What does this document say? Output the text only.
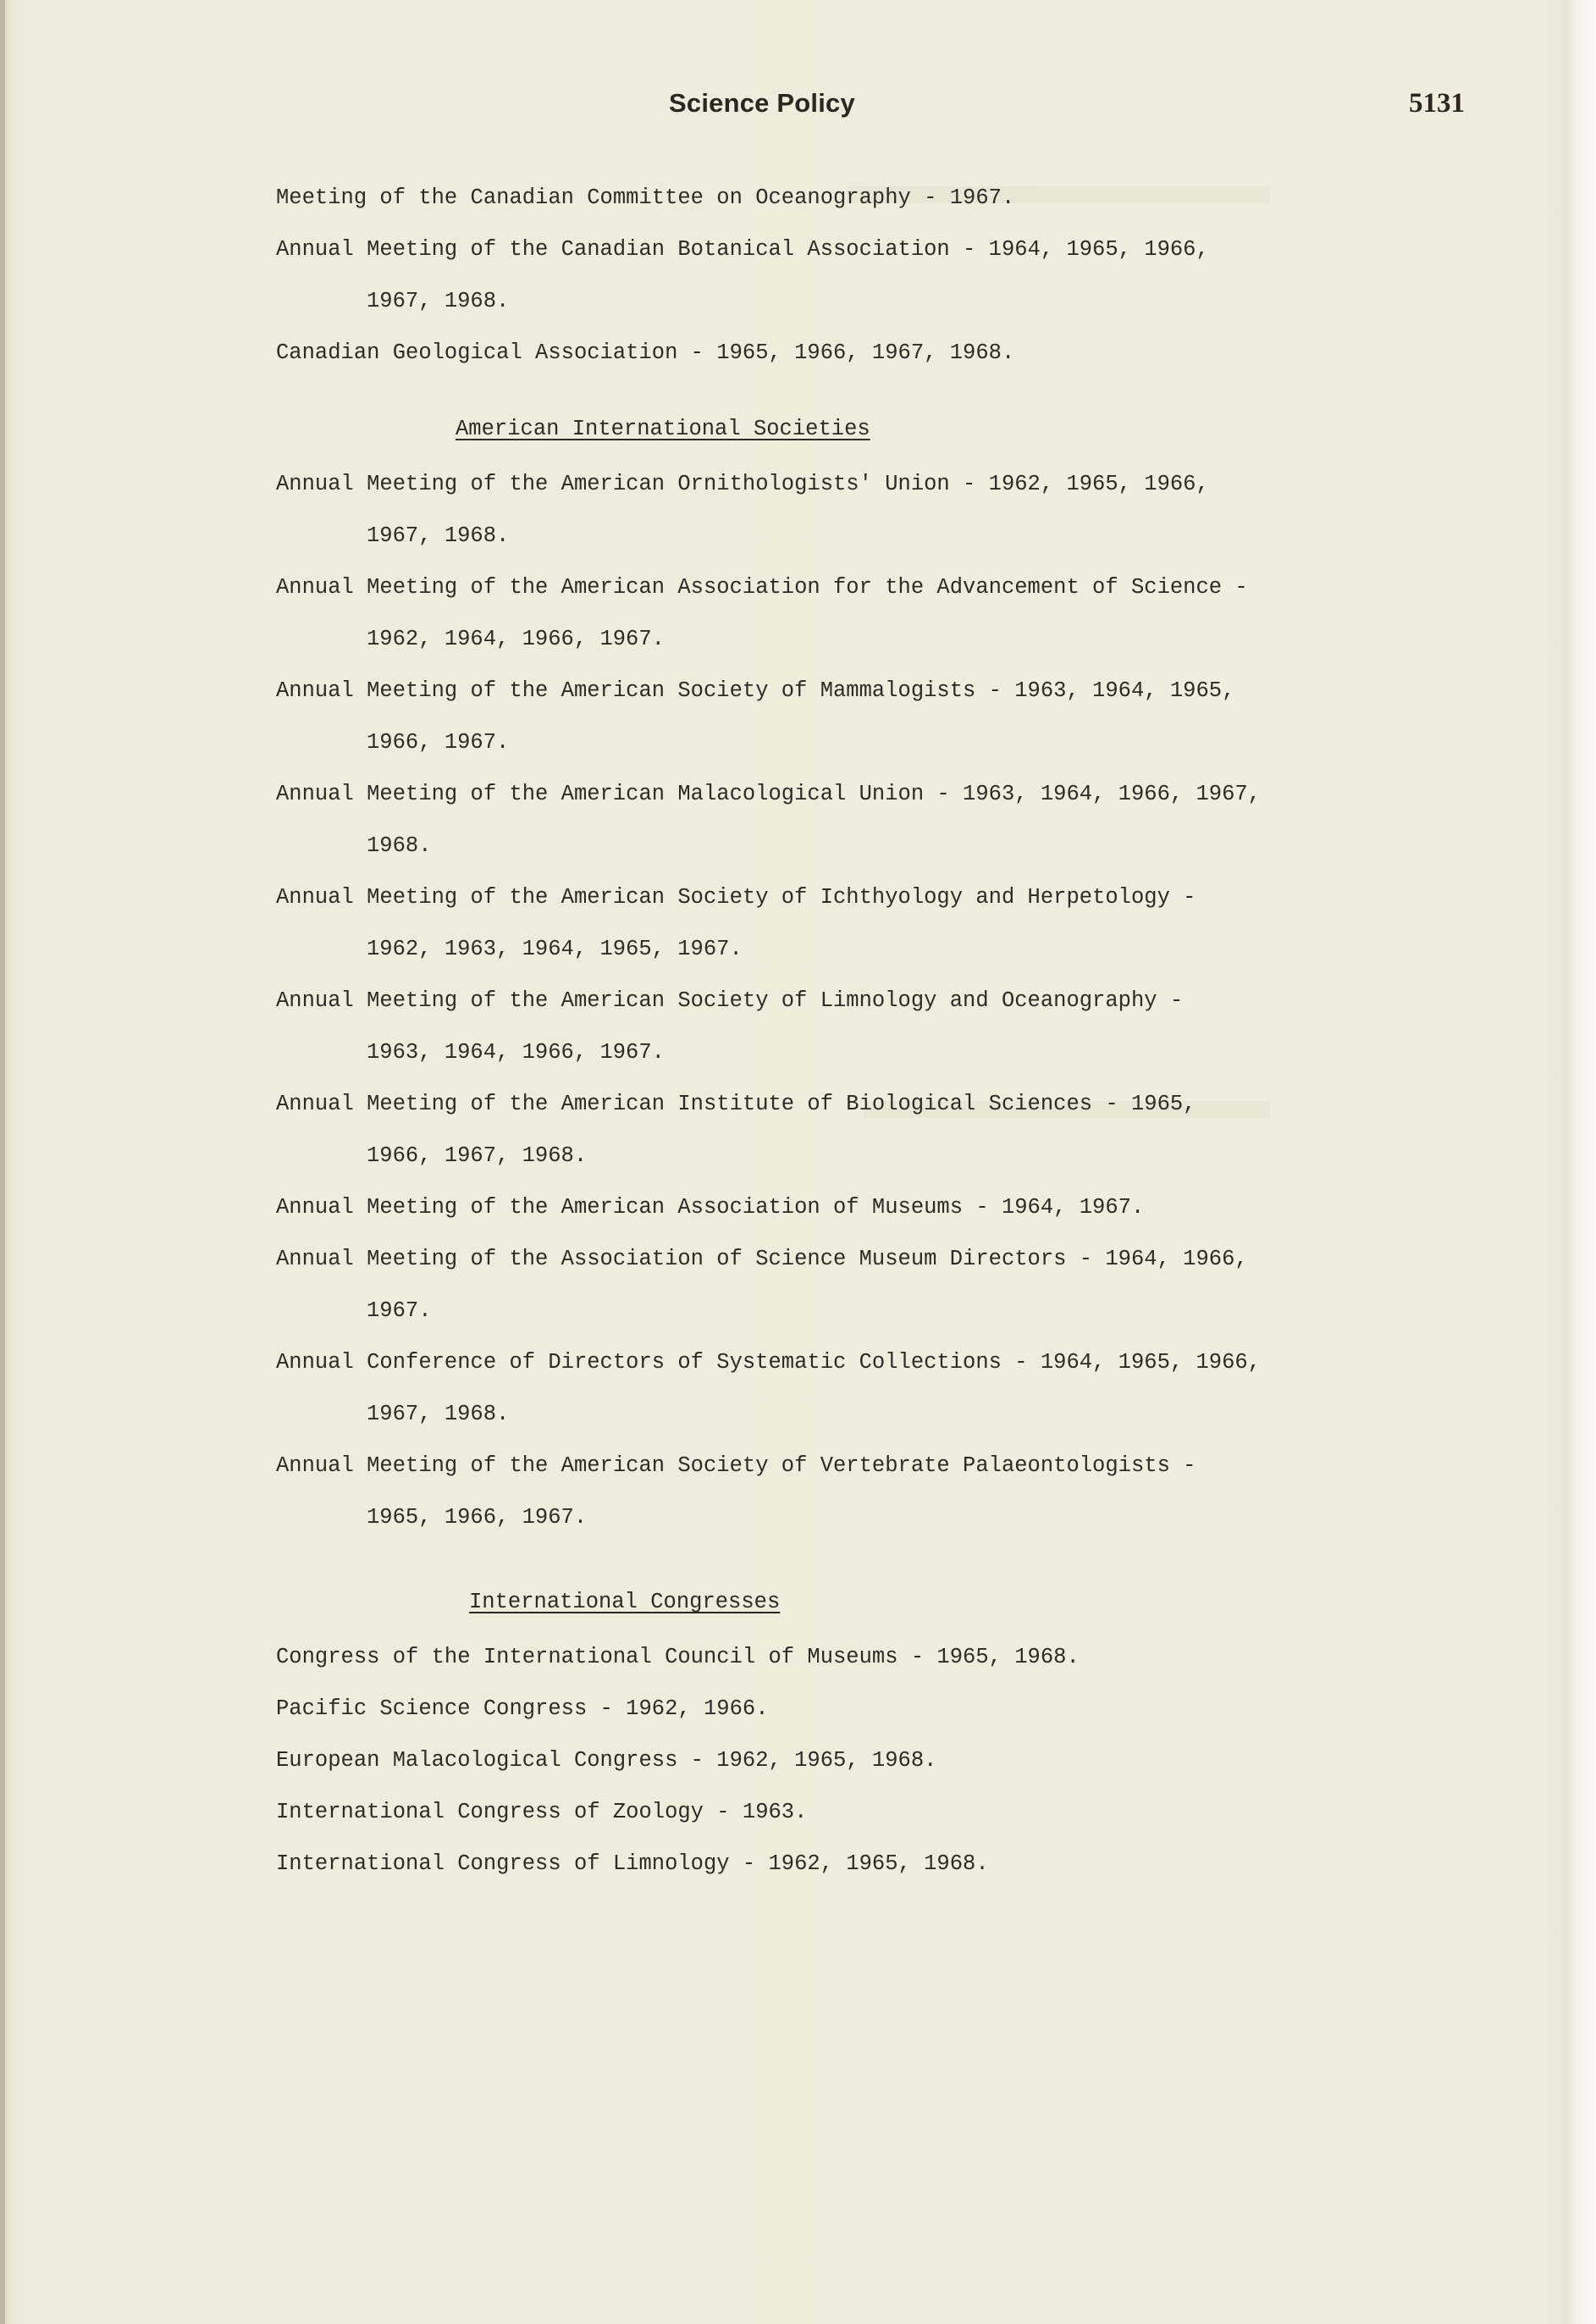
Science Policy	5131
Meeting of the Canadian Committee on Oceanography - 1967.
Annual Meeting of the Canadian Botanical Association - 1964, 1965, 1966,
1967, 1968.
Canadian Geological Association - 1965, 1966, 1967, 1968.
American International Societies
Annual Meeting of the American Ornithologists' Union - 1962, 1965, 1966,
1967, 1968.
Annual Meeting of the American Association for the Advancement of Science -
1962, 1964, 1966, 1967.
Annual Meeting of the American Society of Mammalogists - 1963, 1964, 1965,
1966, 1967.
Annual Meeting of the American Malacological Union - 1963, 1964, 1966, 1967,
1968.
Annual Meeting of the American Society of Ichthyology and Herpetology -
1962, 1963, 1964, 1965, 1967.
Annual Meeting of the American Society of Limnology and Oceanography -
1963, 1964, 1966, 1967.
Annual Meeting of the American Institute of Biological Sciences - 1965,
1966, 1967, 1968.
Annual Meeting of the American Association of Museums - 1964, 1967.
Annual Meeting of the Association of Science Museum Directors - 1964, 1966,
1967.
Annual Conference of Directors of Systematic Collections - 1964, 1965, 1966,
1967, 1968.
Annual Meeting of the American Society of Vertebrate Palaeontologists -
1965, 1966, 1967.
International Congresses
Congress of the International Council of Museums - 1965, 1968.
Pacific Science Congress - 1962, 1966.
European Malacological Congress - 1962, 1965, 1968.
International Congress of Zoology - 1963.
International Congress of Limnology - 1962, 1965, 1968.
